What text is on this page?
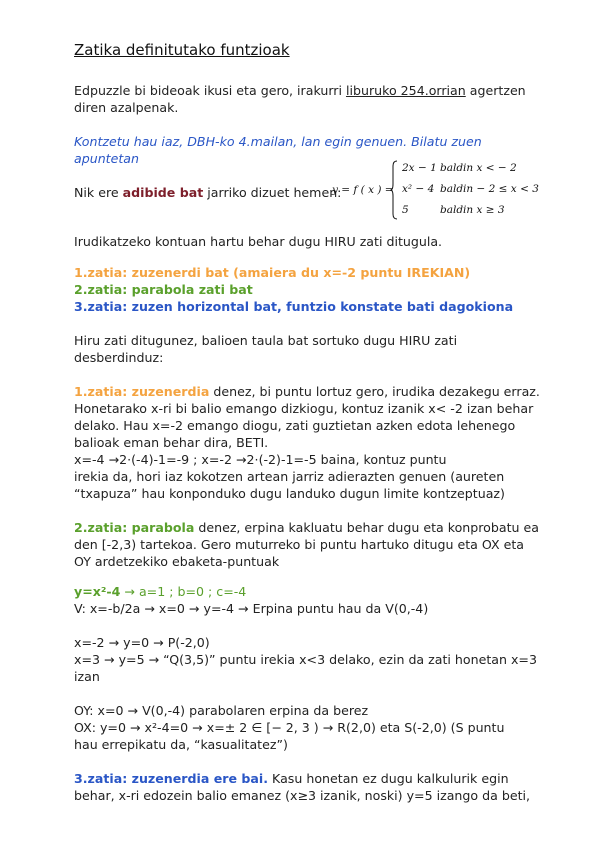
Zatika definitutako funtzioak
Edpuzzle bi bideoak ikusi eta gero, irakurri liburuko 254.orrian agertzen
diren azalpenak.
Kontzetu hau iaz, DBH-ko 4.mailan, lan egin genuen. Bilatu zuen
apuntetan
Nik ere adibide bat jarriko dizuet hemen:
y = f ( x ) =
2x − 1 baldin x < − 2
x² − 4 baldin − 2 ≤ x < 3
5	baldin x ≥ 3
Irudikatzeko kontuan hartu behar dugu HIRU zati ditugula.
1.zatia: zuzenerdi bat (amaiera du x=-2 puntu IREKIAN)
2.zatia: parabola zati bat
3.zatia: zuzen horizontal bat, funtzio konstate bati dagokiona
Hiru zati ditugunez, balioen taula bat sortuko dugu HIRU zati
desberdinduz:
1.zatia: zuzenerdia denez, bi puntu lortuz gero, irudika dezakegu erraz.
Honetarako x-ri bi balio emango dizkiogu, kontuz izanik x< -2 izan behar
delako. Hau x=-2 emango diogu, zati guztietan azken edota lehenego
balioak eman behar dira, BETI.
x=-4 →2·(-4)-1=-9 ; x=-2 →2·(-2)-1=-5 baina, kontuz puntu
irekia da, hori iaz kokotzen artean jarriz adierazten genuen (aureten
“txapuza” hau konponduko dugu landuko dugun limite kontzeptuaz)
2.zatia: parabola denez, erpina kakluatu behar dugu eta konprobatu ea
den [-2,3) tartekoa. Gero muturreko bi puntu hartuko ditugu eta OX eta
OY ardetzekiko ebaketa-puntuak
y=x²-4 → a=1 ; b=0 ; c=-4
V: x=-b/2a → x=0 → y=-4 → Erpina puntu hau da V(0,-4)
x=-2 → y=0 → P(-2,0)
x=3 → y=5 → “Q(3,5)” puntu irekia x<3 delako, ezin da zati honetan x=3
izan
OY: x=0 → V(0,-4) parabolaren erpina da berez
OX: y=0 → x²-4=0 → x=± 2 ∈ [− 2, 3 ) → R(2,0) eta S(-2,0) (S puntu
hau errepikatu da, “kasualitatez”)
3.zatia: zuzenerdia ere bai. Kasu honetan ez dugu kalkulurik egin
behar, x-ri edozein balio emanez (x≥3 izanik, noski) y=5 izango da beti,
